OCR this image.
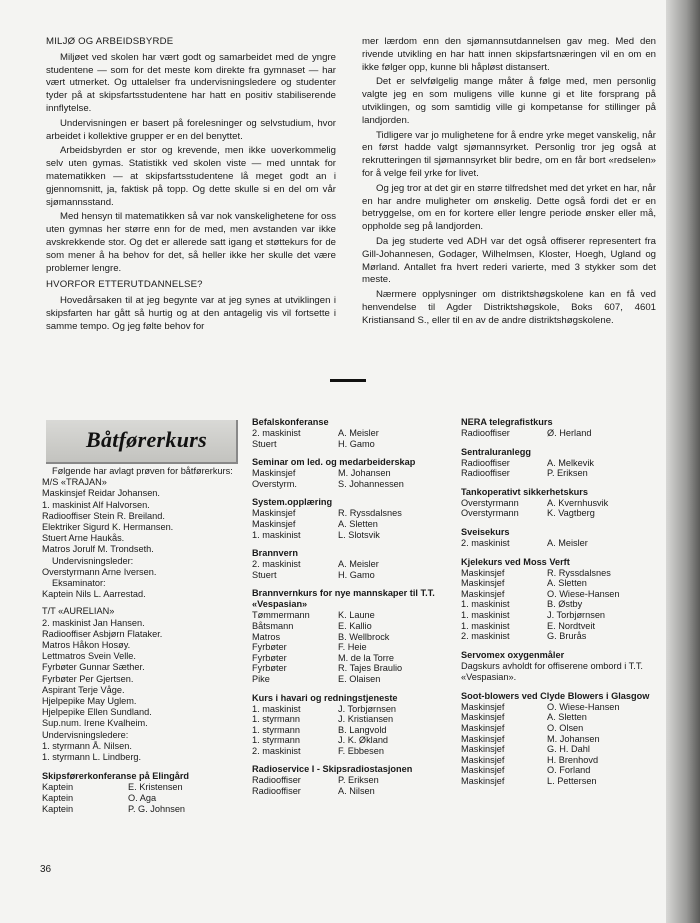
MILJØ OG ARBEIDSBYRDE

Miljøet ved skolen har vært godt og samarbeidet med de yngre studentene — som for det meste kom direkte fra gymnaset — har vært utmerket. Og uttalelser fra undervisningsledere og studenter tyder på at skipsfartsstudentene har hatt en positiv stabiliserende innflytelse.

Undervisningen er basert på forelesninger og selvstudium, hvor arbeidet i kollektive grupper er en del benyttet.

Arbeidsbyrden er stor og krevende, men ikke uoverkommelig selv uten gymas. Statistikk ved skolen viste — med unntak for matematikken — at skipsfartsstudentene lå meget godt an i gjennomsnitt, ja, faktisk på topp. Og dette skulle si en del om vår sjømannsstand.

Med hensyn til matematikken så var nok vanskelighetene for oss uten gymnas her større enn for de med, men avstanden var ikke avskrekkende stor. Og det er allerede satt igang et støttekurs for de som mener å ha behov for det, så heller ikke her skulle det være problemer lengre.

HVORFOR ETTERUTDANNELSE?

Hovedårsaken til at jeg begynte var at jeg synes at utviklingen i skipsfarten har gått så hurtig og at den antagelig vis vil fortsette i samme tempo. Og jeg følte behov for

mer lærdom enn den sjømannsutdannelsen gav meg. Med den rivende utvikling en har hatt innen skipsfartsnæringen vil en om en ikke følger opp, kunne bli håpløst distansert.

Det er selvfølgelig mange måter å følge med, men personlig valgte jeg en som muligens ville kunne gi et lite forsprang på utviklingen, og som samtidig ville gi kompetanse for stillinger på landjorden.

Tidligere var jo mulighetene for å endre yrke meget vanskelig, når en først hadde valgt sjømannsyrket. Personlig tror jeg også at rekrutteringen til sjømannsyrket blir bedre, om en får bort «redselen» for å velge feil yrke for livet.

Og jeg tror at det gir en større tilfredshet med det yrket en har, når en har andre muligheter om ønskelig. Dette også fordi det er en betryggelse, om en for kortere eller lengre periode ønsker eller må, oppholde seg på landjorden.

Da jeg studerte ved ADH var det også offiserer representert fra Gill-Johannesen, Godager, Wilhelmsen, Kloster, Hoegh, Ugland og Mørland. Antallet fra hvert rederi varierte, med 3 stykker som det meste.

Nærmere opplysninger om distriktshøgskolene kan en få ved henvendelse til Agder Distriktshøgskole, Boks 607, 4601 Kristiansand S., eller til en av de andre distriktshøgskolene.

Båtførerkurs
Følgende har avlagt prøven for båtførerkurs:
M/S «TRAJAN»
Maskinsjef Reidar Johansen.
1. maskinist Alf Halvorsen.
Radiooffiser Stein R. Breiland.
Elektriker Sigurd K. Hermansen.
Stuert Arne Haukås.
Matros Jorulf M. Trondseth.
Undervisningsleder:
Overstyrmann Arne Iversen.
Eksaminator:
Kaptein Nils L. Aarrestad.
T/T «AURELIAN»
2. maskinist Jan Hansen.
Radiooffiser Asbjørn Flataker.
Matros Håkon Hosøy.
Lettmatros Svein Velle.
Fyrbøter Gunnar Sæther.
Fyrbøter Per Gjertsen.
Aspirant Terje Våge.
Hjelpepike May Uglem.
Hjelpepike Ellen Sundland.
Sup.num. Irene Kvalheim.
Undervisningsledere:
1. styrmann Å. Nilsen.
1. styrmann L. Lindberg.
Skipsførerkonferanse på Elingård
Kaptein	E. Kristensen
Kaptein	O. Aga
Kaptein	P. G. Johnsen
Befalskonferanse
2. maskinist	A. Meisler
Stuert	H. Gamo
Seminar om led. og medarbeiderskap
Maskinsjef	M. Johansen
Overstyrm.	S. Johannessen
System.opplæring
Maskinsjef	R. Ryssdalsnes
Maskinsjef	A. Sletten
1. maskinist	L. Slotsvik
Brannvern
2. maskinist	A. Meisler
Stuert	H. Gamo
Brannvernkurs for nye mannskaper til T.T. «Vespasian»
Tømmermann	K. Laune
Båtsmann	E. Kallio
Matros	B. Wellbrock
Fyrbøter	F. Heie
Fyrbøter	M. de la Torre
Fyrbøter	R. Tajes Braulio
Pike	E. Olaisen
Kurs i havari og redningstjeneste
1. maskinist	J. Torbjørnsen
1. styrmann	J. Kristiansen
1. styrmann	B. Langvold
1. styrmann	J. K. Økland
2. maskinist	F. Ebbesen
Radioservice I - Skipsradiostasjonen
Radiooffiser	P. Eriksen
Radiooffiser	A. Nilsen
NERA telegrafistkurs
Radiooffiser	Ø. Herland
Sentraluranlegg
Radiooffiser	A. Melkevik
Radiooffiser	P. Eriksen
Tankoperativt sikkerhetskurs
Overstyrmann	A. Kvernhusvik
Overstyrmann	K. Vagtberg
Sveisekurs
2. maskinist	A. Meisler
Kjelekurs ved Moss Verft
Maskinsjef	R. Ryssdalsnes
Maskinsjef	A. Sletten
Maskinsjef	O. Wiese-Hansen
1. maskinist	B. Østby
1. maskinist	J. Torbjørnsen
1. maskinist	E. Nordtveit
2. maskinist	G. Brurås
Servomex oxygenmåler
Dagskurs avholdt for offiserene ombord i T.T. «Vespasian».
Soot-blowers ved Clyde Blowers i Glasgow
Maskinsjef	O. Wiese-Hansen
Maskinsjef	A. Sletten
Maskinsjef	O. Olsen
Maskinsjef	M. Johansen
Maskinsjef	G. H. Dahl
Maskinsjef	H. Brenhovd
Maskinsjef	O. Forland
Maskinsjef	L. Pettersen
36
